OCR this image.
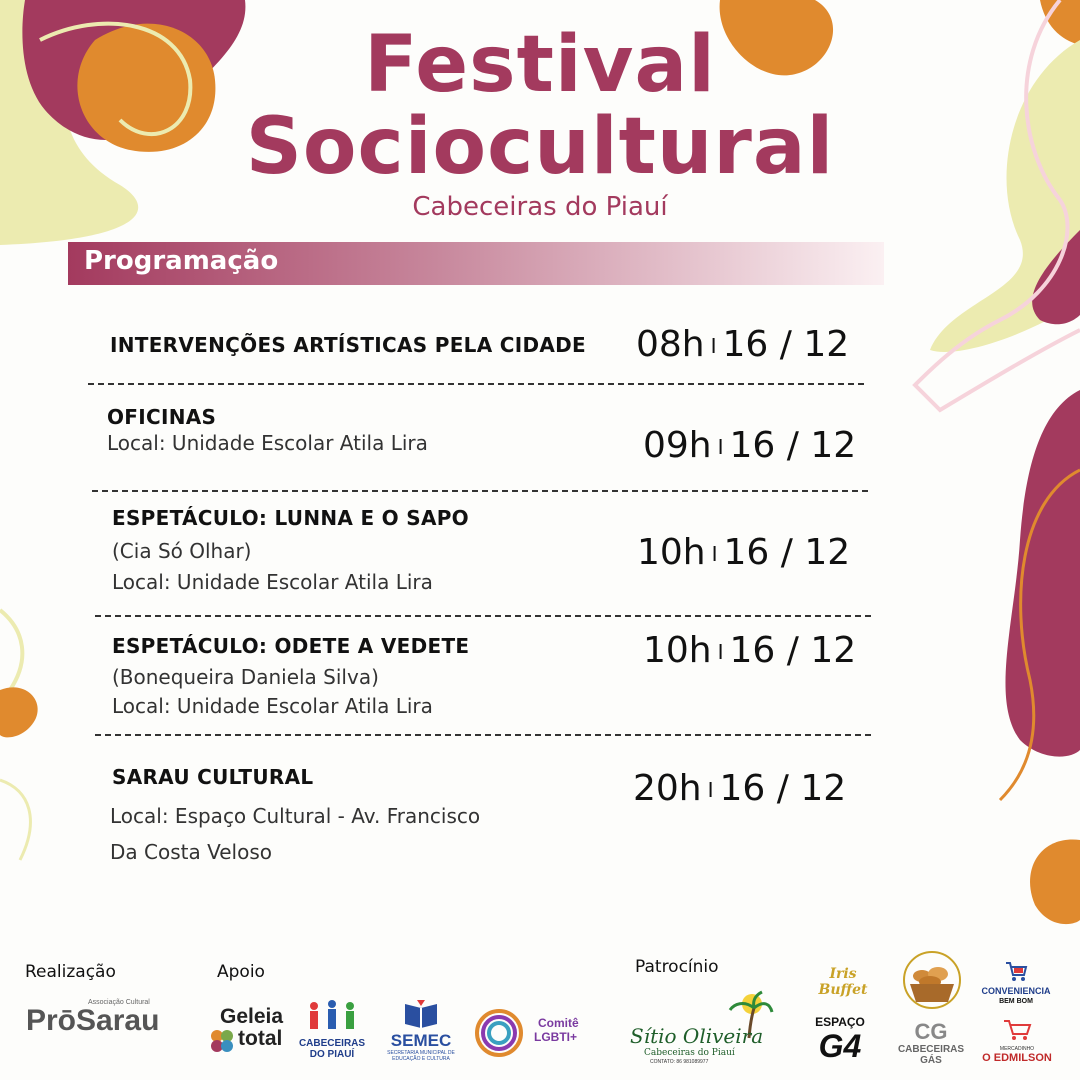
Festival
Sociocultural
Cabeceiras do Piauí
Programação
INTERVENÇÕES ARTÍSTICAS PELA CIDADE 08h I 16 / 12
OFICINAS
Local: Unidade Escolar Atila Lira	09h I 16 / 12
ESPETÁCULO: LUNNA E O SAPO
(Cia Só Olhar)
Local: Unidade Escolar Atila Lira
10h I 16 / 12
ESPETÁCULO: ODETE A VEDETE
(Bonequeira Daniela Silva)
Local: Unidade Escolar Atila Lira
10h I 16 / 12
SARAU CULTURAL
Local: Espaço Cultural - Av. Francisco
Da Costa Veloso
20h I 16 / 12
Realização	Apoio	Patrocínio
PrōSarau
Associação Cultural
Geleia
total CABECEIRAS
DO PIAUÍ
SEMEC
SECRETARIA MUNICIPAL DE EDUCAÇÃO E CULTURA
Comitê
LGBTI+	Sítio Oliveira
Cabeceiras do Piauí
CONTATO: 86 981089977
Iris
Buffet	CONVENIENCIA
BEM BOM
ESPAÇO
G4	CG
CABECEIRAS
GÁS
MERCADINHO
O EDMILSON
